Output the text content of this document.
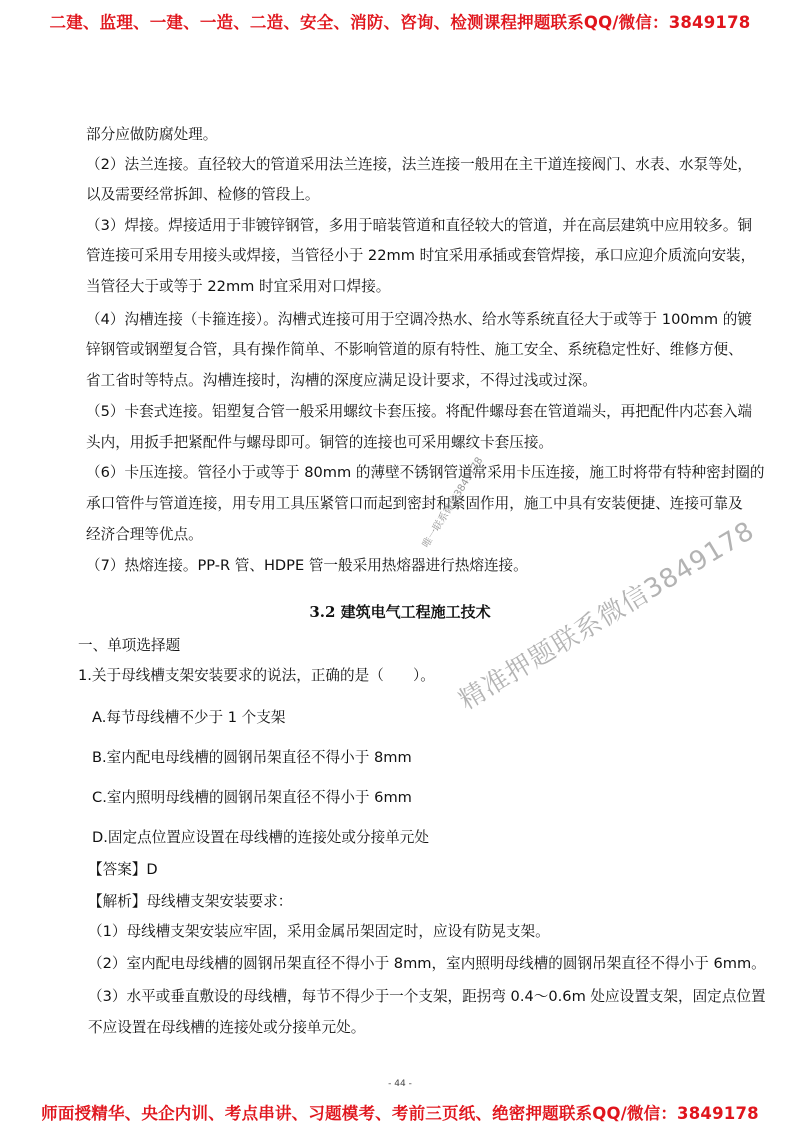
二建、监理、一建、一造、二造、安全、消防、咨询、检测课程押题联系QQ/微信：3849178
部分应做防腐处理。
（2）法兰连接。直径较大的管道采用法兰连接，法兰连接一般用在主干道连接阀门、水表、水泵等处，
以及需要经常拆卸、检修的管段上。
（3）焊接。焊接适用于非镀锌钢管，多用于暗装管道和直径较大的管道，并在高层建筑中应用较多。铜
管连接可采用专用接头或焊接，当管径小于 22mm 时宜采用承插或套管焊接，承口应迎介质流向安装，
当管径大于或等于 22mm 时宜采用对口焊接。
（4）沟槽连接（卡箍连接）。沟槽式连接可用于空调冷热水、给水等系统直径大于或等于 100mm 的镀
锌钢管或钢塑复合管，具有操作简单、不影响管道的原有特性、施工安全、系统稳定性好、维修方便、
省工省时等特点。沟槽连接时，沟槽的深度应满足设计要求，不得过浅或过深。
（5）卡套式连接。铝塑复合管一般采用螺纹卡套压接。将配件螺母套在管道端头，再把配件内芯套入端
头内，用扳手把紧配件与螺母即可。铜管的连接也可采用螺纹卡套压接。
（6）卡压连接。管径小于或等于 80mm 的薄壁不锈钢管道常采用卡压连接，施工时将带有特种密封圈的
承口管件与管道连接，用专用工具压紧管口而起到密封和紧固作用，施工中具有安装便捷、连接可靠及
经济合理等优点。
（7）热熔连接。PP-R 管、HDPE 管一般采用热熔器进行热熔连接。
3.2 建筑电气工程施工技术
一、单项选择题
1.关于母线槽支架安装要求的说法，正确的是（　　）。
A.每节母线槽不少于 1 个支架
B.室内配电母线槽的圆钢吊架直径不得小于 8mm
C.室内照明母线槽的圆钢吊架直径不得小于 6mm
D.固定点位置应设置在母线槽的连接处或分接单元处
【答案】D
【解析】母线槽支架安装要求：
（1）母线槽支架安装应牢固，采用金属吊架固定时，应设有防晃支架。
（2）室内配电母线槽的圆钢吊架直径不得小于 8mm，室内照明母线槽的圆钢吊架直径不得小于 6mm。
（3）水平或垂直敷设的母线槽，每节不得少于一个支架，距拐弯 0.4～0.6m 处应设置支架，固定点位置
不应设置在母线槽的连接处或分接单元处。
- 44 -
师面授精华、央企内训、考点串讲、习题模考、考前三页纸、绝密押题联系QQ/微信：3849178
精准押题联系微信3849178
唯一联系微信3849178
